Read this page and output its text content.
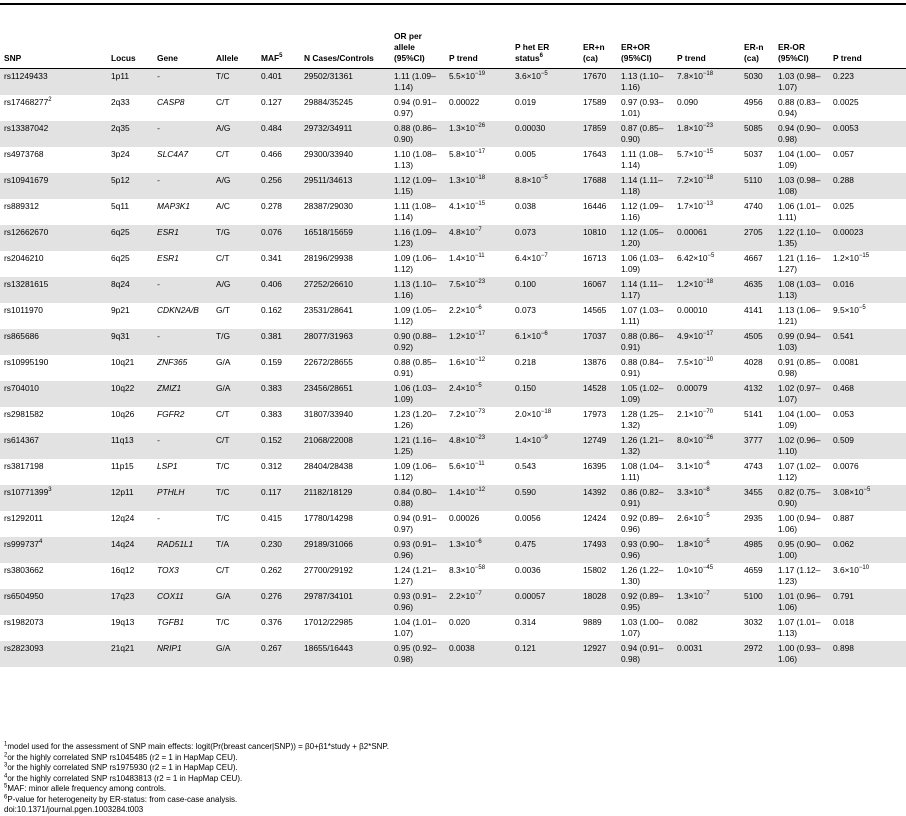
SNP	Locus	Gene	Allele	MAF$^5$	N Cases/Controls	OR per allele (95%CI)	P trend	P het ER status$^6$	ER+n (ca)	ER+OR (95%CI)	P trend	ER-n (ca)	ER-OR (95%CI)	P trend
rs11249433	1p11	-	T/C	0.401	29502/31361	1.11 (1.09–1.14)	$5.5\times 10^{-19}$	$3.6\times 10^{-5}$	17670	1.13 (1.10–1.16)	$7.8\times 10^{-18}$	5030	1.03 (0.98–1.07)	0.223
rs17468277$^2$	2q33	CASP8	C/T	0.127	29884/35245	0.94 (0.91–0.97)	0.00022	0.019	17589	0.97 (0.93–1.01)	0.090	4956	0.88 (0.83–0.94)	0.0025
rs13387042	2q35	-	A/G	0.484	29732/34911	0.88 (0.86–0.90)	$1.3\times 10^{-26}$	0.00030	17859	0.87 (0.85–0.90)	$1.8\times 10^{-23}$	5085	0.94 (0.90–0.98)	0.0053
rs4973768	3p24	SLC4A7	C/T	0.466	29300/33940	1.10 (1.08–1.13)	$5.8\times 10^{-17}$	0.005	17643	1.11 (1.08–1.14)	$5.7\times 10^{-15}$	5037	1.04 (1.00–1.09)	0.057
rs10941679	5p12	-	A/G	0.256	29511/34613	1.12 (1.09–1.15)	$1.3\times 10^{-18}$	$8.8\times 10^{-5}$	17688	1.14 (1.11–1.18)	$7.2\times 10^{-18}$	5110	1.03 (0.98–1.08)	0.288
rs889312	5q11	MAP3K1	A/C	0.278	28387/29030	1.11 (1.08–1.14)	$4.1\times 10^{-15}$	0.038	16446	1.12 (1.09–1.16)	$1.7\times 10^{-13}$	4740	1.06 (1.01–1.11)	0.025
rs12662670	6q25	ESR1	T/G	0.076	16518/15659	1.16 (1.09–1.23)	$4.8\times 10^{-7}$	0.073	10810	1.12 (1.05–1.20)	0.00061	2705	1.22 (1.10–1.35)	0.00023
rs2046210	6q25	ESR1	C/T	0.341	28196/29938	1.09 (1.06–1.12)	$1.4\times 10^{-11}$	$6.4\times 10^{-7}$	16713	1.06 (1.03–1.09)	$6.42\times 10^{-5}$	4667	1.21 (1.16–1.27)	$1.2\times 10^{-15}$
rs13281615	8q24	-	A/G	0.406	27252/26610	1.13 (1.10–1.16)	$7.5\times 10^{-23}$	0.100	16067	1.14 (1.11–1.17)	$1.2\times 10^{-18}$	4635	1.08 (1.03–1.13)	0.016
rs1011970	9p21	CDKN2A/B	G/T	0.162	23531/28641	1.09 (1.05–1.12)	$2.2\times 10^{-6}$	0.073	14565	1.07 (1.03–1.11)	0.00010	4141	1.13 (1.06–1.21)	$9.5\times 10^{-5}$
rs865686	9q31	-	T/G	0.381	28077/31963	0.90 (0.88–0.92)	$1.2\times 10^{-17}$	$6.1\times 10^{-6}$	17037	0.88 (0.86–0.91)	$4.9\times 10^{-17}$	4505	0.99 (0.94–1.03)	0.541
rs10995190	10q21	ZNF365	G/A	0.159	22672/28655	0.88 (0.85–0.91)	$1.6\times 10^{-12}$	0.218	13876	0.88 (0.84–0.91)	$7.5\times 10^{-10}$	4028	0.91 (0.85–0.98)	0.0081
rs704010	10q22	ZMIZ1	G/A	0.383	23456/28651	1.06 (1.03–1.09)	$2.4\times 10^{-5}$	0.150	14528	1.05 (1.02–1.09)	0.00079	4132	1.02 (0.97–1.07)	0.468
rs2981582	10q26	FGFR2	C/T	0.383	31807/33940	1.23 (1.20–1.26)	$7.2\times 10^{-73}$	$2.0\times 10^{-18}$	17973	1.28 (1.25–1.32)	$2.1\times 10^{-70}$	5141	1.04 (1.00–1.09)	0.053
rs614367	11q13	-	C/T	0.152	21068/22008	1.21 (1.16–1.25)	$4.8\times 10^{-23}$	$1.4\times 10^{-9}$	12749	1.26 (1.21–1.32)	$8.0\times 10^{-26}$	3777	1.02 (0.96–1.10)	0.509
rs3817198	11p15	LSP1	T/C	0.312	28404/28438	1.09 (1.06–1.12)	$5.6\times 10^{-11}$	0.543	16395	1.08 (1.04–1.11)	$3.1\times 10^{-6}$	4743	1.07 (1.02–1.12)	0.0076
rs10771399$^3$	12p11	PTHLH	T/C	0.117	21182/18129	0.84 (0.80–0.88)	$1.4\times 10^{-12}$	0.590	14392	0.86 (0.82–0.91)	$3.3\times 10^{-8}$	3455	0.82 (0.75–0.90)	$3.08\times 10^{-5}$
rs1292011	12q24	-	T/C	0.415	17780/14298	0.94 (0.91–0.97)	0.00026	0.0056	12424	0.92 (0.89–0.96)	$2.6\times 10^{-5}$	2935	1.00 (0.94–1.06)	0.887
rs999737$^4$	14q24	RAD51L1	T/A	0.230	29189/31066	0.93 (0.91–0.96)	$1.3\times 10^{-6}$	0.475	17493	0.93 (0.90–0.96)	$1.8\times 10^{-5}$	4985	0.95 (0.90–1.00)	0.062
rs3803662	16q12	TOX3	C/T	0.262	27700/29192	1.24 (1.21–1.27)	$8.3\times 10^{-58}$	0.0036	15802	1.26 (1.22–1.30)	$1.0\times 10^{-45}$	4659	1.17 (1.12–1.23)	$3.6\times 10^{-10}$
rs6504950	17q23	COX11	G/A	0.276	29787/34101	0.93 (0.91–0.96)	$2.2\times 10^{-7}$	0.00057	18028	0.92 (0.89–0.95)	$1.3\times 10^{-7}$	5100	1.01 (0.96–1.06)	0.791
rs1982073	19q13	TGFB1	T/C	0.376	17012/22985	1.04 (1.01–1.07)	0.020	0.314	9889	1.03 (1.00–1.07)	0.082	3032	1.07 (1.01–1.13)	0.018
rs2823093	21q21	NRIP1	G/A	0.267	18655/16443	0.95 (0.92–0.98)	0.0038	0.121	12927	0.94 (0.91–0.98)	0.0031	2972	1.00 (0.93–1.06)	0.898
$^1$model used for the assessment of SNP main effects: logit(Pr(breast cancer|SNP)) = β0+β1*study + β2*SNP.
$^2$or the highly correlated SNP rs1045485 (r2 = 1 in HapMap CEU).
$^3$or the highly correlated SNP rs1975930 (r2 = 1 in HapMap CEU).
$^4$or the highly correlated SNP rs10483813 (r2 = 1 in HapMap CEU).
$^5$MAF: minor allele frequency among controls.
$^6$P-value for heterogeneity by ER-status: from case-case analysis.
doi:10.1371/journal.pgen.1003284.t003
